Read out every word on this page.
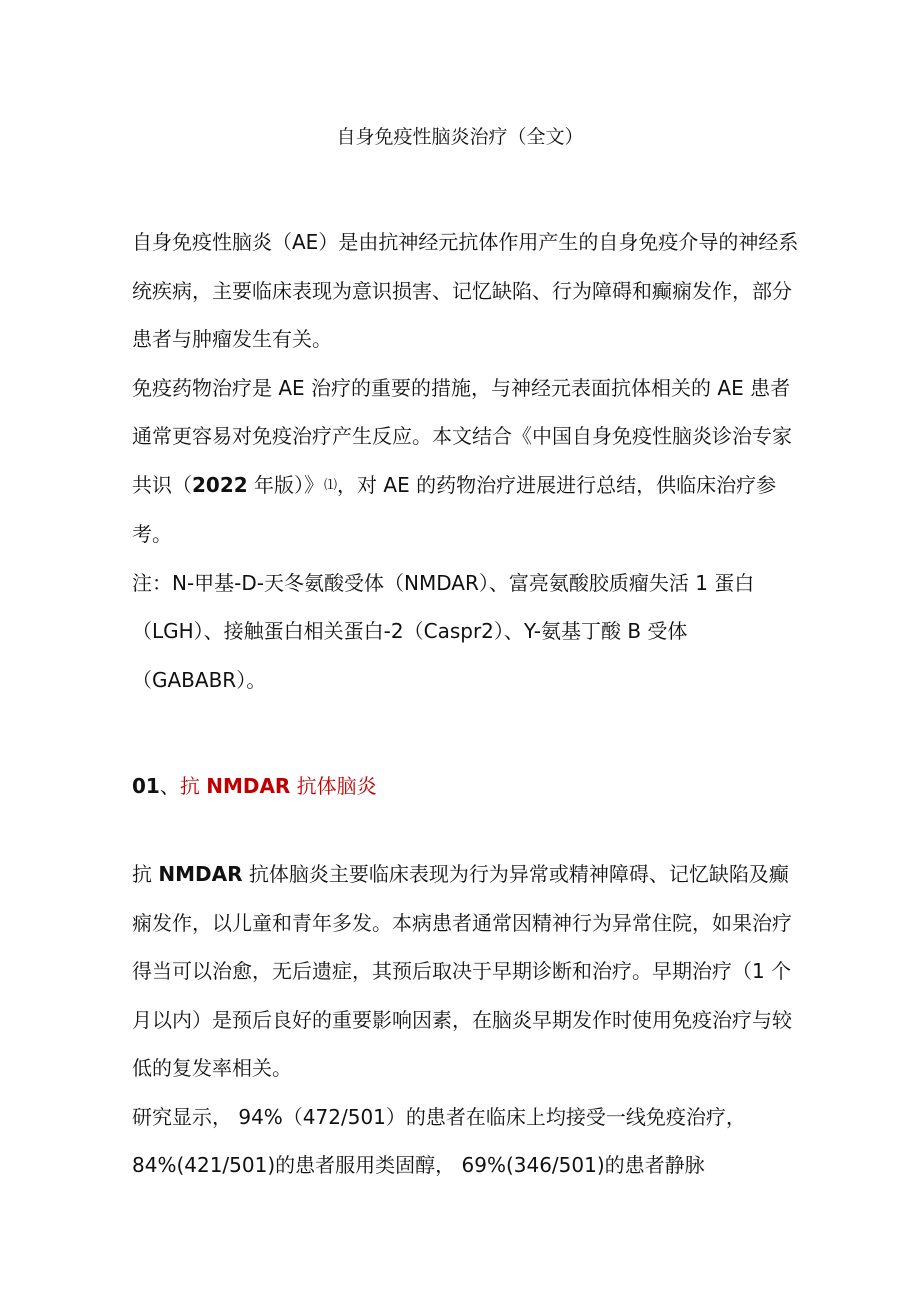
自身免疫性脑炎治疗（全文）

自身免疫性脑炎（AE）是由抗神经元抗体作用产生的自身免疫介导的神经系统疾病，主要临床表现为意识损害、记忆缺陷、行为障碍和癫痫发作，部分患者与肿瘤发生有关。

免疫药物治疗是 AE 治疗的重要的措施，与神经元表面抗体相关的 AE 患者通常更容易对免疫治疗产生反应。本文结合《中国自身免疫性脑炎诊治专家共识（2022 年版）》⑴，对 AE 的药物治疗进展进行总结，供临床治疗参考。

注：N-甲基-D-天冬氨酸受体（NMDAR）、富亮氨酸胶质瘤失活 1 蛋白（LGH）、接触蛋白相关蛋白-2（Caspr2）、Y-氨基丁酸 B 受体（GABABR）。

01、抗 NMDAR 抗体脑炎

抗 NMDAR 抗体脑炎主要临床表现为行为异常或精神障碍、记忆缺陷及癫痫发作，以儿童和青年多发。本病患者通常因精神行为异常住院，如果治疗得当可以治愈，无后遗症，其预后取决于早期诊断和治疗。早期治疗（1 个月以内）是预后良好的重要影响因素，在脑炎早期发作时使用免疫治疗与较低的复发率相关。

研究显示， 94%（472/501）的患者在临床上均接受一线免疫治疗，
84%(421/501)的患者服用类固醇， 69%(346/501)的患者静脉
